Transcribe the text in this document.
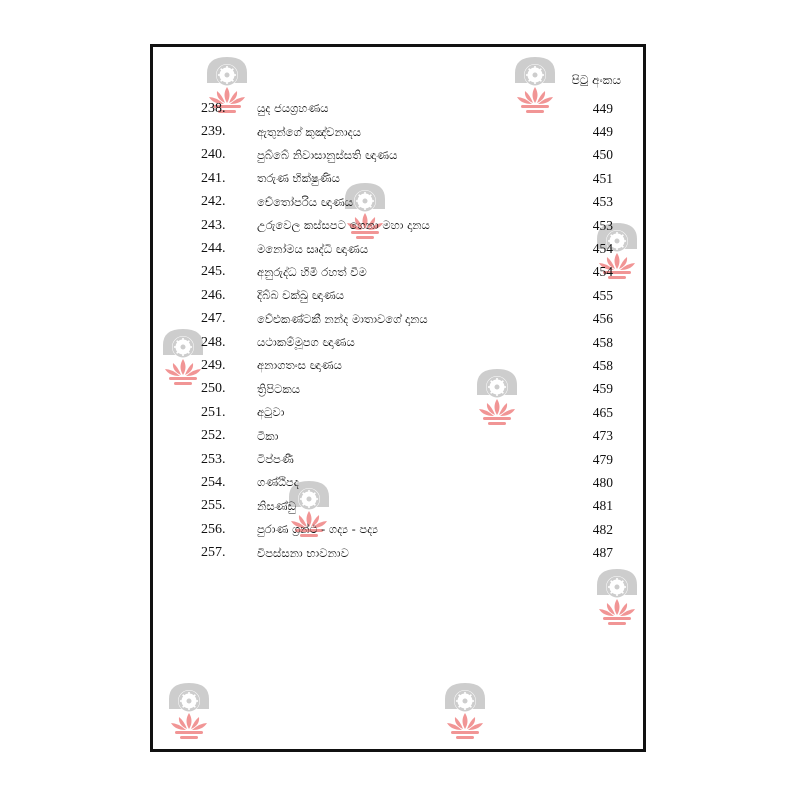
පිටු අංකය
238.	යුද ජයග්‍රහණය	449
239.	ඇතුන්ගේ කුඤ්චනාදය	449
240.	පුබ්බේ නිවාසානුස්සති ඥාණය	450
241.	තරුණ භික්ෂුණිය	451
242.	චේතෝපරිය ඥාණය	453
243.	උරුවෙල කස්සපට ගෙනා මහා දානය	453
244.	මනෝමය සෘද්ධි ඥාණය	454
245.	අනුරුද්ධ හිමි රහත් වීම	454
246.	දිබ්බ චක්ඛු ඥාණය	455
247.	වේළුකණ්ටකී නන්ද මාතාවගේ දානය	456
248.	යථාකම්මූපග ඥාණය	458
249.	අනාගතංස ඥාණය	458
250.	ත්‍රිපිටකය	459
251.	අටුවා	465
252.	ටීකා	473
253.	ටිප්පණී	479
254.	ගණ්ඨිපද	480
255.	නිසණ්ඩු	481
256.	පුරාණ ග්‍රන්ථ - ගද්‍ය - පද්‍ය	482
257.	විපස්සනා භාවනාව	487
